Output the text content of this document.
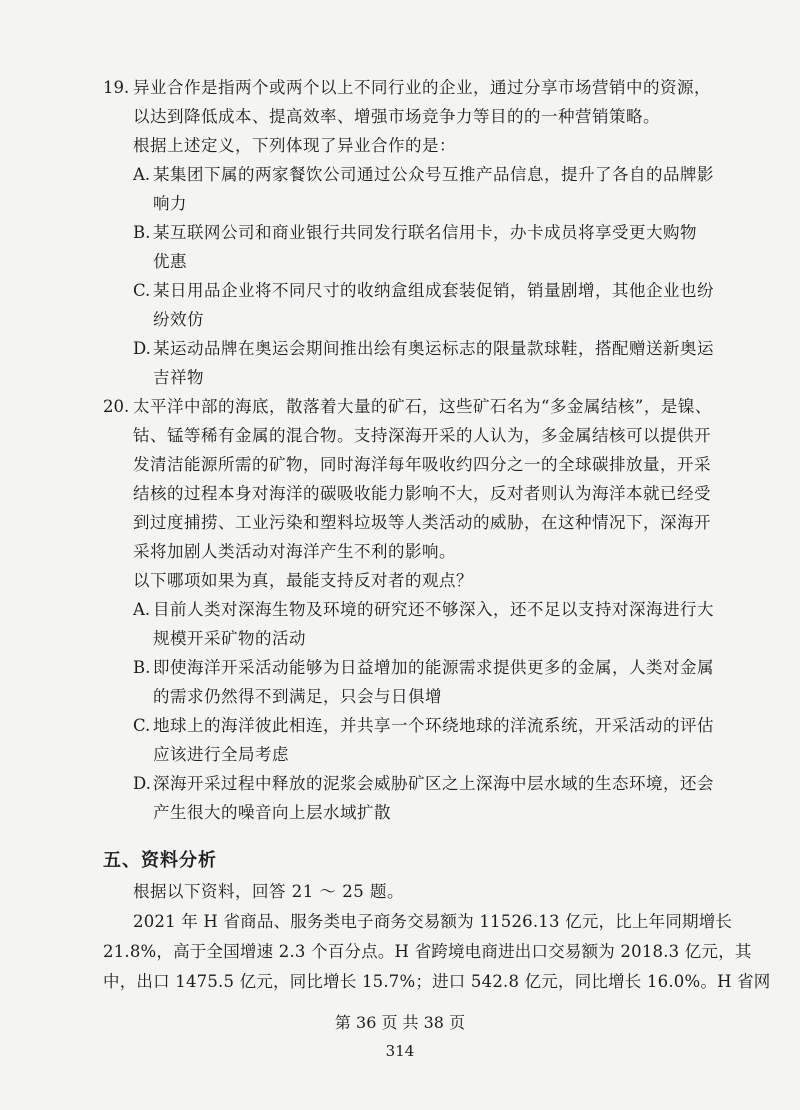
19. 异业合作是指两个或两个以上不同行业的企业，通过分享市场营销中的资源，
以达到降低成本、提高效率、增强市场竞争力等目的的一种营销策略。
根据上述定义，下列体现了异业合作的是：
A. 某集团下属的两家餐饮公司通过公众号互推产品信息，提升了各自的品牌影
响力
B. 某互联网公司和商业银行共同发行联名信用卡，办卡成员将享受更大购物
优惠
C. 某日用品企业将不同尺寸的收纳盒组成套装促销，销量剧增，其他企业也纷
纷效仿
D. 某运动品牌在奥运会期间推出绘有奥运标志的限量款球鞋，搭配赠送新奥运
吉祥物
20. 太平洋中部的海底，散落着大量的矿石，这些矿石名为“多金属结核”，是镍、
钴、锰等稀有金属的混合物。支持深海开采的人认为，多金属结核可以提供开
发清洁能源所需的矿物，同时海洋每年吸收约四分之一的全球碳排放量，开采
结核的过程本身对海洋的碳吸收能力影响不大，反对者则认为海洋本就已经受
到过度捕捞、工业污染和塑料垃圾等人类活动的威胁，在这种情况下，深海开
采将加剧人类活动对海洋产生不利的影响。
以下哪项如果为真，最能支持反对者的观点？
A. 目前人类对深海生物及环境的研究还不够深入，还不足以支持对深海进行大
规模开采矿物的活动
B. 即使海洋开采活动能够为日益增加的能源需求提供更多的金属，人类对金属
的需求仍然得不到满足，只会与日俱增
C. 地球上的海洋彼此相连，并共享一个环绕地球的洋流系统，开采活动的评估
应该进行全局考虑
D. 深海开采过程中释放的泥浆会威胁矿区之上深海中层水域的生态环境，还会
产生很大的噪音向上层水域扩散
五、资料分析
根据以下资料，回答 21 ～ 25 题。
2021 年 H 省商品、服务类电子商务交易额为 11526.13 亿元，比上年同期增长
21.8%，高于全国增速 2.3 个百分点。H 省跨境电商进出口交易额为 2018.3 亿元，其
中，出口 1475.5 亿元，同比增长 15.7%；进口 542.8 亿元，同比增长 16.0%。H 省网
第 36 页 共 38 页
314
